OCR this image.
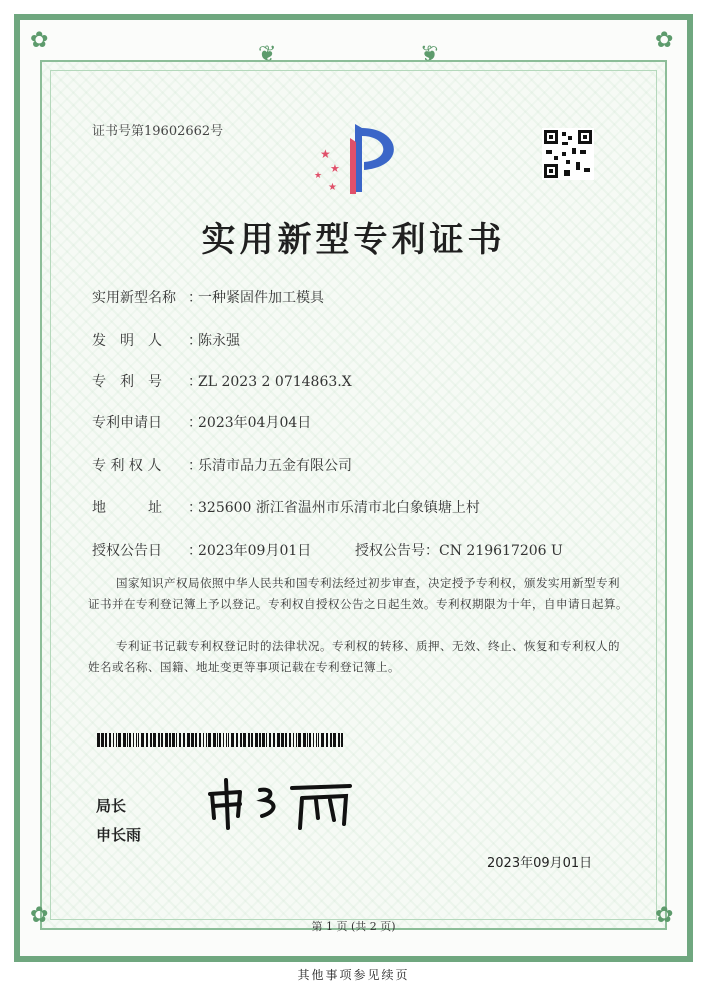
❦	❦
✿	✿
✿	✿
证书号第19602662号
★
★
★
★
实用新型专利证书
实用新型名称 ：一种紧固件加工模具
发　明　人 ：陈永强
专　利　号 ：ZL 2023 2 0714863.X
专利申请日 ：2023年04月04日
专 利 权 人 ：乐清市品力五金有限公司
地　　　址 ：325600 浙江省温州市乐清市北白象镇塘上村
授权公告日 ：2023年09月01日	授权公告号：CN 219617206 U
国家知识产权局依照中华人民共和国专利法经过初步审查，决定授予专利权，颁发实用新型专利证书并在专利登记簿上予以登记。专利权自授权公告之日起生效。专利权期限为十年，自申请日起算。
专利证书记载专利权登记时的法律状况。专利权的转移、质押、无效、终止、恢复和专利权人的姓名或名称、国籍、地址变更等事项记载在专利登记簿上。
局长
申长雨
2023年09月01日
第 1 页 (共 2 页)
其他事项参见续页
